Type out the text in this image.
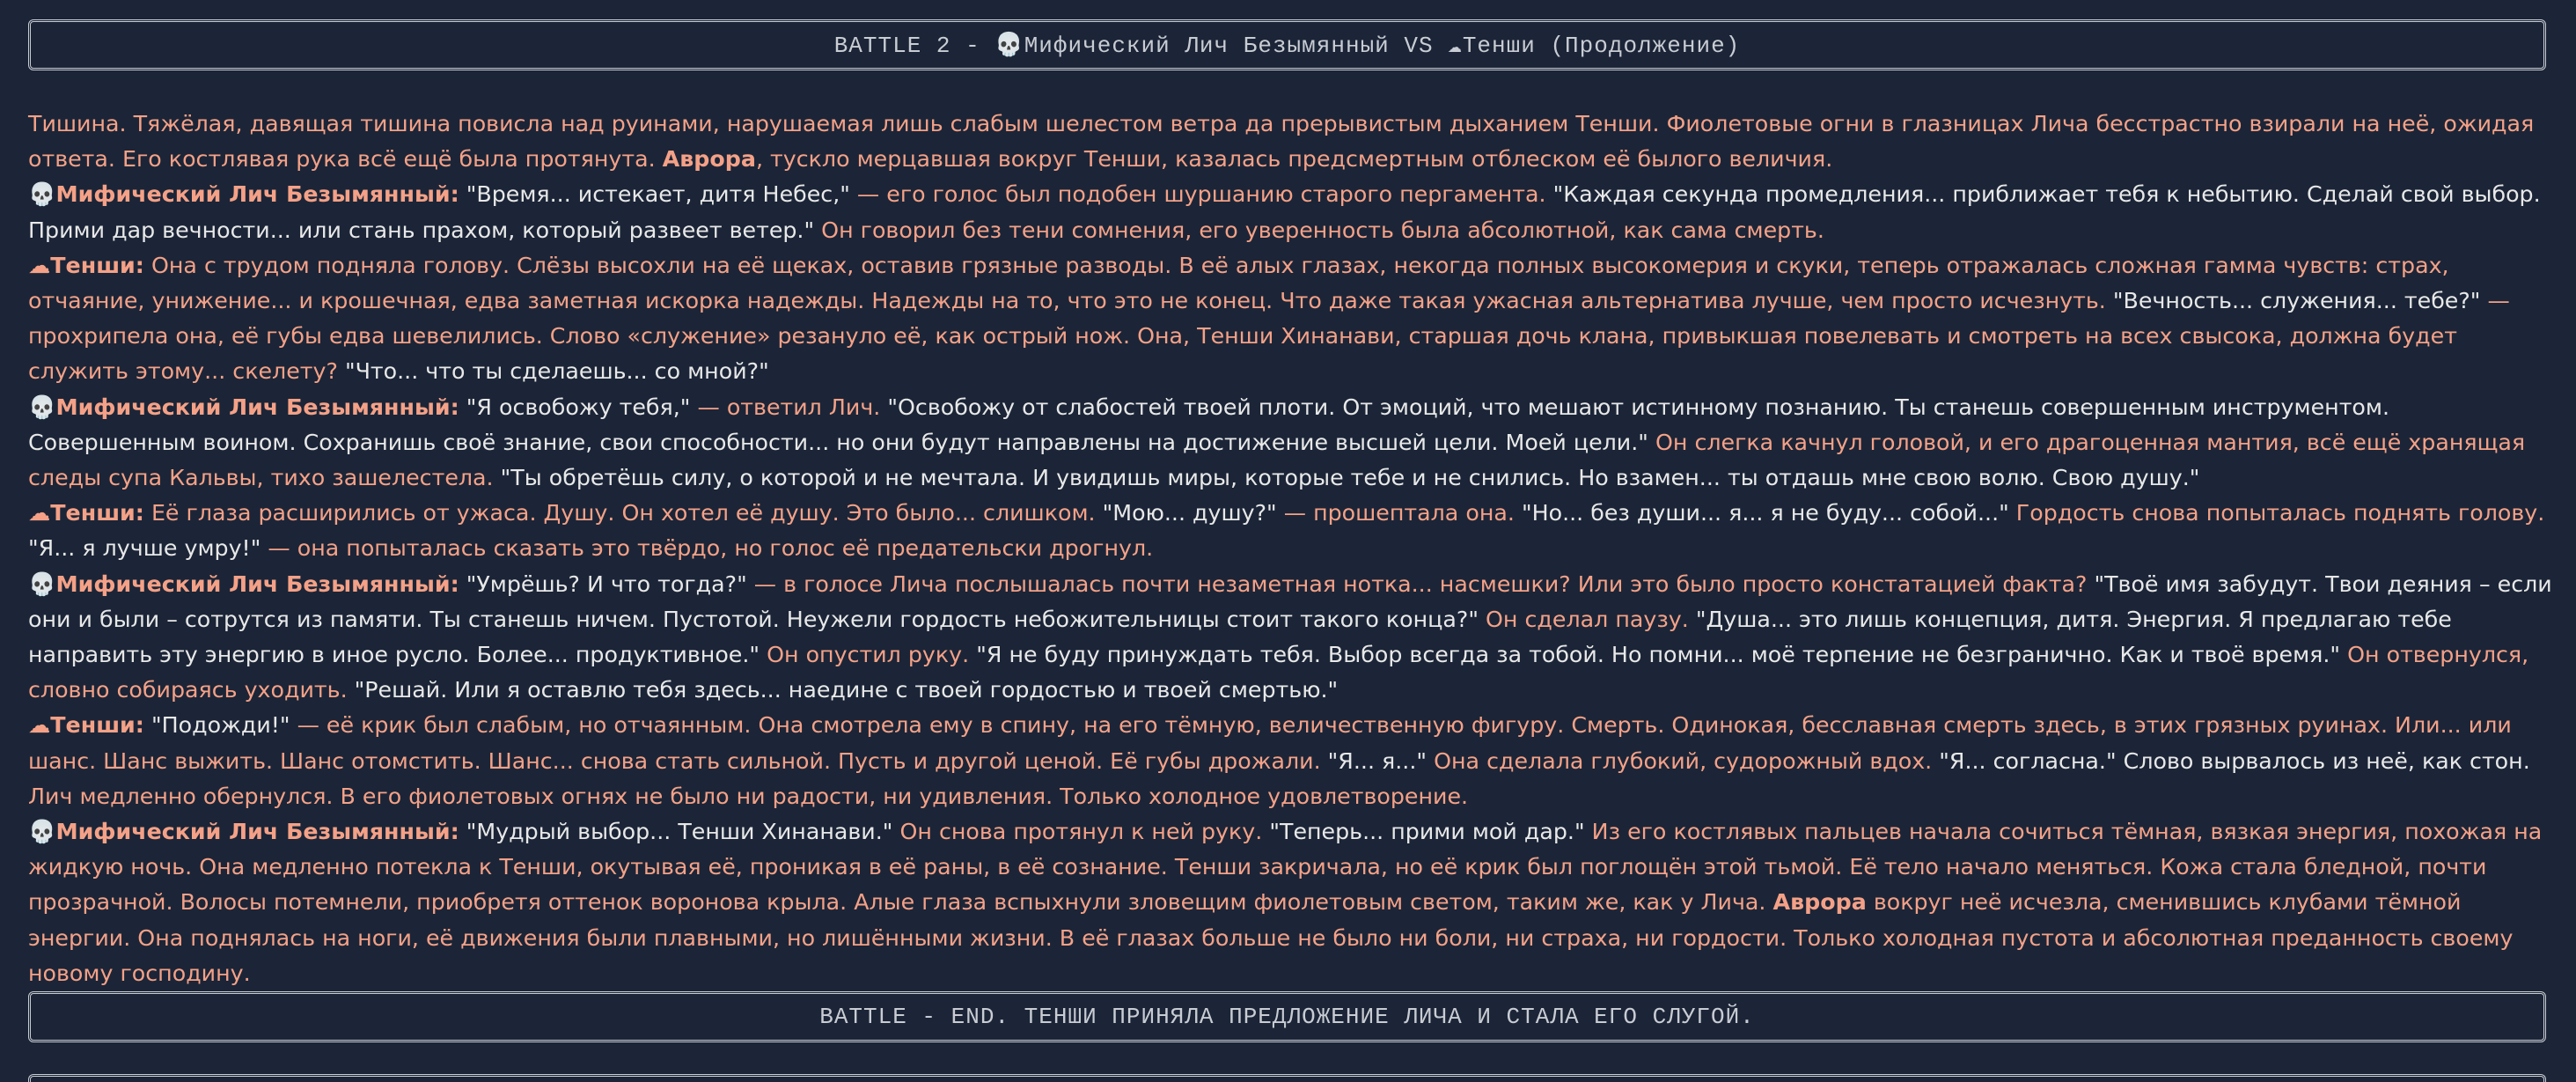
BATTLE 2 - 💀Мифический Лич Безымянный VS ☁Тенши (Продолжение)

Тишина. Тяжёлая, давящая тишина повисла над руинами, нарушаемая лишь слабым шелестом ветра да прерывистым дыханием Тенши. Фиолетовые огни в глазницах Лича бесстрастно взирали на неё, ожидая ответа. Его костлявая рука всё ещё была протянута. Аврора, тускло мерцавшая вокруг Тенши, казалась предсмертным отблеском её былого величия.

💀Мифический Лич Безымянный: "Время... истекает, дитя Небес," — его голос был подобен шуршанию старого пергамента. "Каждая секунда промедления... приближает тебя к небытию. Сделай свой выбор. Прими дар вечности... или стань прахом, который развеет ветер." Он говорил без тени сомнения, его уверенность была абсолютной, как сама смерть.

☁Тенши: Она с трудом подняла голову. Слёзы высохли на её щеках, оставив грязные разводы. В её алых глазах, некогда полных высокомерия и скуки, теперь отражалась сложная гамма чувств: страх, отчаяние, унижение... и крошечная, едва заметная искорка надежды. Надежды на то, что это не конец. Что даже такая ужасная альтернатива лучше, чем просто исчезнуть. "Вечность... служения... тебе?" — прохрипела она, её губы едва шевелились. Слово «служение» резануло её, как острый нож. Она, Тенши Хинанави, старшая дочь клана, привыкшая повелевать и смотреть на всех свысока, должна будет служить этому... скелету? "Что... что ты сделаешь... со мной?"

💀Мифический Лич Безымянный: "Я освобожу тебя," — ответил Лич. "Освобожу от слабостей твоей плоти. От эмоций, что мешают истинному познанию. Ты станешь совершенным инструментом. Совершенным воином. Сохранишь своё знание, свои способности... но они будут направлены на достижение высшей цели. Моей цели." Он слегка качнул головой, и его драгоценная мантия, всё ещё хранящая следы супа Кальвы, тихо зашелестела. "Ты обретёшь силу, о которой и не мечтала. И увидишь миры, которые тебе и не снились. Но взамен... ты отдашь мне свою волю. Свою душу."

☁Тенши: Её глаза расширились от ужаса. Душу. Он хотел её душу. Это было... слишком. "Мою... душу?" — прошептала она. "Но... без души... я... я не буду... собой..." Гордость снова попыталась поднять голову. "Я... я лучше умру!" — она попыталась сказать это твёрдо, но голос её предательски дрогнул.

💀Мифический Лич Безымянный: "Умрёшь? И что тогда?" — в голосе Лича послышалась почти незаметная нотка... насмешки? Или это было просто констатацией факта? "Твоё имя забудут. Твои деяния – если они и были – сотрутся из памяти. Ты станешь ничем. Пустотой. Неужели гордость небожительницы стоит такого конца?" Он сделал паузу. "Душа... это лишь концепция, дитя. Энергия. Я предлагаю тебе направить эту энергию в иное русло. Более... продуктивное." Он опустил руку. "Я не буду принуждать тебя. Выбор всегда за тобой. Но помни... моё терпение не безгранично. Как и твоё время." Он отвернулся, словно собираясь уходить. "Решай. Или я оставлю тебя здесь... наедине с твоей гордостью и твоей смертью."

☁Тенши: "Подожди!" — её крик был слабым, но отчаянным. Она смотрела ему в спину, на его тёмную, величественную фигуру. Смерть. Одинокая, бесславная смерть здесь, в этих грязных руинах. Или... или шанс. Шанс выжить. Шанс отомстить. Шанс... снова стать сильной. Пусть и другой ценой. Её губы дрожали. "Я... я..." Она сделала глубокий, судорожный вдох. "Я... согласна." Слово вырвалось из неё, как стон.

Лич медленно обернулся. В его фиолетовых огнях не было ни радости, ни удивления. Только холодное удовлетворение.

💀Мифический Лич Безымянный: "Мудрый выбор... Тенши Хинанави." Он снова протянул к ней руку. "Теперь... прими мой дар." Из его костлявых пальцев начала сочиться тёмная, вязкая энергия, похожая на жидкую ночь. Она медленно потекла к Тенши, окутывая её, проникая в её раны, в её сознание. Тенши закричала, но её крик был поглощён этой тьмой. Её тело начало меняться. Кожа стала бледной, почти прозрачной. Волосы потемнели, приобретя оттенок воронова крыла. Алые глаза вспыхнули зловещим фиолетовым светом, таким же, как у Лича. Аврора вокруг неё исчезла, сменившись клубами тёмной энергии. Она поднялась на ноги, её движения были плавными, но лишёнными жизни. В её глазах больше не было ни боли, ни страха, ни гордости. Только холодная пустота и абсолютная преданность своему новому господину.

BATTLE - END. ТЕНШИ ПРИНЯЛА ПРЕДЛОЖЕНИЕ ЛИЧА И СТАЛА ЕГО СЛУГОЙ.
